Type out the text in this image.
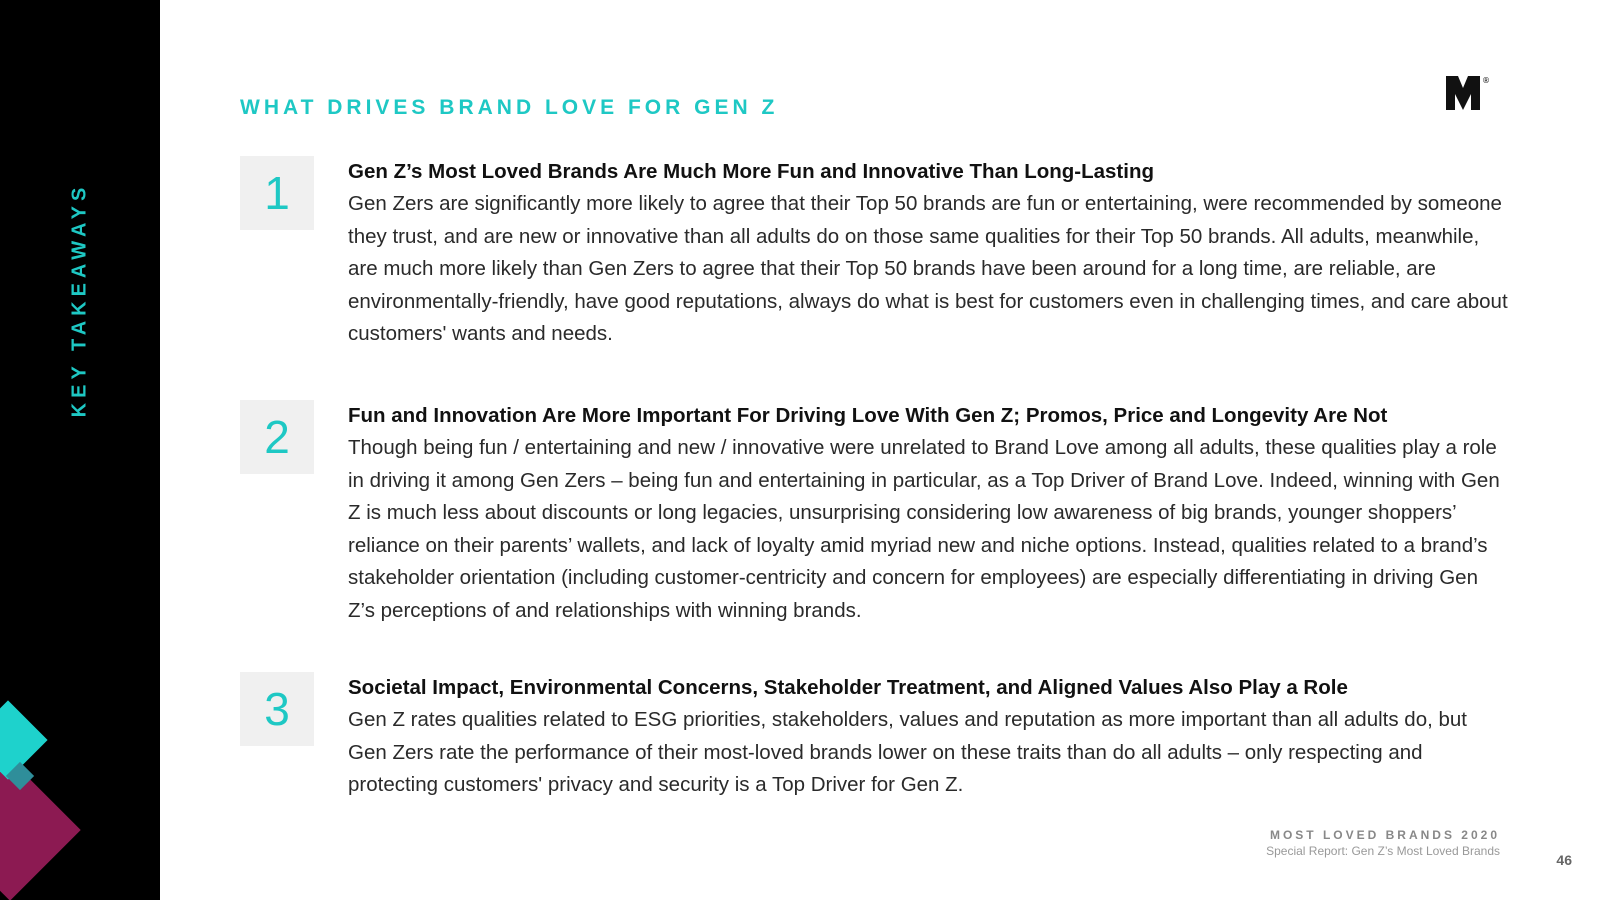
KEY TAKEAWAYS
WHAT DRIVES BRAND LOVE FOR GEN Z
®
1	Gen Z’s Most Loved Brands Are Much More Fun and Innovative Than Long-Lasting

Gen Zers are significantly more likely to agree that their Top 50 brands are fun or entertaining, were recommended by someone they trust, and are new or innovative than all adults do on those same qualities for their Top 50 brands. All adults, meanwhile, are much more likely than Gen Zers to agree that their Top 50 brands have been around for a long time, are reliable, are environmentally-friendly, have good reputations, always do what is best for customers even in challenging times, and care about customers' wants and needs.

2	Fun and Innovation Are More Important For Driving Love With Gen Z; Promos, Price and Longevity Are Not

Though being fun / entertaining and new / innovative were unrelated to Brand Love among all adults, these qualities play a role in driving it among Gen Zers – being fun and entertaining in particular, as a Top Driver of Brand Love. Indeed, winning with Gen Z is much less about discounts or long legacies, unsurprising considering low awareness of big brands, younger shoppers’ reliance on their parents’ wallets, and lack of loyalty amid myriad new and niche options. Instead, qualities related to a brand’s stakeholder orientation (including customer-centricity and concern for employees) are especially differentiating in driving Gen Z’s perceptions of and relationships with winning brands.

3	Societal Impact, Environmental Concerns, Stakeholder Treatment, and Aligned Values Also Play a Role

Gen Z rates qualities related to ESG priorities, stakeholders, values and reputation as more important than all adults do, but Gen Zers rate the performance of their most-loved brands lower on these traits than do all adults – only respecting and protecting customers' privacy and security is a Top Driver for Gen Z.

MOST LOVED BRANDS 2020
Special Report: Gen Z’s Most Loved Brands
46
